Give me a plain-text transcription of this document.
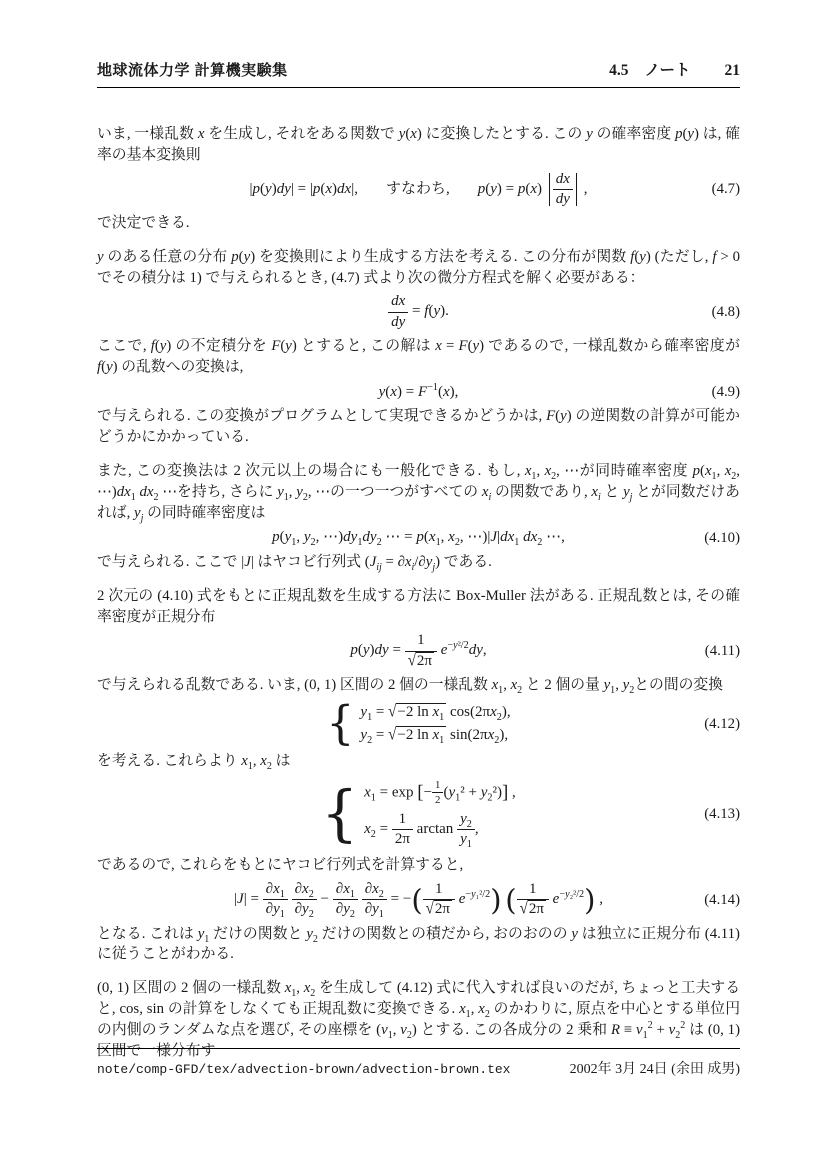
地球流体力学 計算機実験集	4.5 ノート 21

いま, 一様乱数 x を生成し, それをある関数で y(x) に変換したとする. この y の確率密度 p(y) は, 確率の基本変換則

|p(y)dy| = |p(x)dx|, すなわち, $p(y) = p(x) \frac{dx}{dy}$ ,	(4.7)

で決定できる.

y のある任意の分布 p(y) を変換則により生成する方法を考える. この分布が関数 f(y) (ただし, f > 0 でその積分は 1) で与えられるとき, (4.7) 式より次の微分方程式を解く必要がある：

$\frac{dx}{dy} = f(y)$.	(4.8)

ここで, f(y) の不定積分を F(y) とすると, この解は x = F(y) であるので, 一様乱数から確率密度が f(y) の乱数への変換は,

$y(x) = F^{-1}(x)$,	(4.9)

で与えられる. この変換がプログラムとして実現できるかどうかは, F(y) の逆関数の計算が可能かどうかにかかっている.

また, この変換法は 2 次元以上の場合にも一般化できる. もし, $x_1$, $x_2$, ⋯が同時確率密度 $p(x_1$, $x_2$, $\cdots)dx_1$ $dx_2$ ⋯を持ち, さらに $y_1$, $y_2$, ⋯の一つ一つがすべての $x_i$ の関数であり, $x_i$ と $y_j$ とが同数だけあれば, $y_j$ の同時確率密度は

$p(y_1$, $y_2$, $\cdots)dy_1dy_2$ ⋯ = $p(x_1$, $x_2$, $\cdots)|J|dx_1$ $dx_2$ ⋯,	(4.10)

で与えられる. ここで |J| はヤコビ行列式 $(J_{ij} = \partial x_i/\partial y_j)$ である.

2 次元の (4.10) 式をもとに正規乱数を生成する方法に Box-Muller 法がある. 正規乱数とは, その確率密度が正規分布

$p(y)dy = \frac{1}{√2\pi} e^{-y^2/2}dy$,	(4.11)

で与えられる乱数である. いま, (0, 1) 区間の 2 個の一様乱数 $x_1$, $x_2$ と 2 個の量 $y_1$, $y_2$との間の変換

{ $y_1 = √-2$ $\ln x_1$ $\cos(2\pi x_2)$,
$y_2 = √-2$ $\ln x_1$ $\sin(2\pi x_2)$,
(4.12)

を考える. これらより $x_1$, $x_2$ は

{ $x_1 = \exp$ [− $\frac{1}{2} (y_1^2 + y_2^2)$] ,
$x_2 = \frac{1}{2\pi}$ $\arctan \frac{y_2}{y_1}$ ,
(4.13)

であるので, これらをもとにヤコビ行列式を計算すると,

$|J| = \frac{\partial x_1}{\partial y_1}$
$\frac{\partial x_2}{\partial y_2} - \frac{\partial x_1}{\partial y_2}$
$\frac{\partial x_2}{\partial y_1}$ = −( $\frac{1}{√2\pi} e^{-y_1^2/2}$) ( $\frac{1}{√2\pi} e^{-y_2^2/2}$) ,	(4.14)

となる. これは $y_1$ だけの関数と $y_2$ だけの関数との積だから, おのおのの y は独立に正規分布 (4.11) に従うことがわかる.

(0, 1) 区間の 2 個の一様乱数 $x_1$, $x_2$ を生成して (4.12) 式に代入すれば良いのだが, ちょっと工夫すると, cos, sin の計算をしなくても正規乱数に変換できる. $x_1$, $x_2$ のかわりに, 原点を中心とする単位円の内側のランダムな点を選び, その座標を ($v_1$, $v_2$) とする. この各成分の 2 乗和 $R \equiv v_1^2 + v_2^2$ は (0, 1) 区間で一様分布す

note/comp-GFD/tex/advection-brown/advection-brown.tex	2002年 3月 24日 (余田 成男)
